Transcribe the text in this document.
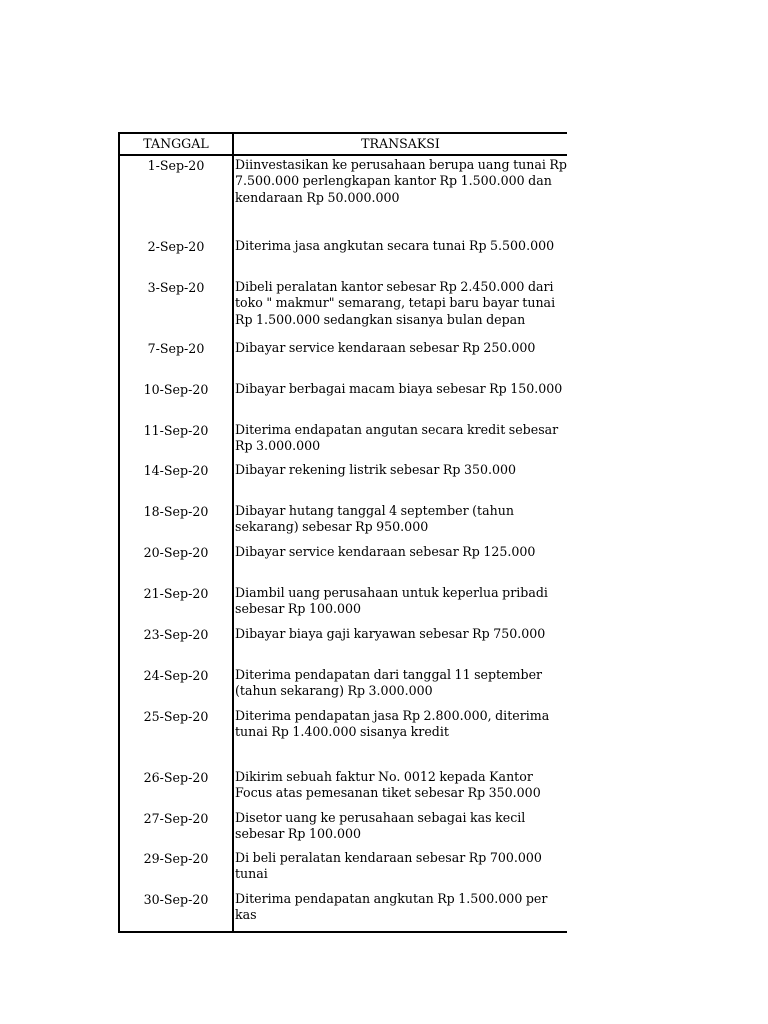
TANGGAL	TRANSAKSI
1-Sep-20	Diinvestasikan ke perusahaan berupa uang tunai Rp 7.500.000 perlengkapan kantor Rp 1.500.000 dan kendaraan Rp 50.000.000
2-Sep-20	Diterima jasa angkutan secara tunai Rp 5.500.000
3-Sep-20	Dibeli peralatan kantor sebesar Rp 2.450.000 dari toko " makmur" semarang, tetapi baru bayar tunai Rp 1.500.000 sedangkan sisanya bulan depan
7-Sep-20	Dibayar service kendaraan sebesar Rp 250.000
10-Sep-20	Dibayar berbagai macam biaya sebesar Rp 150.000
11-Sep-20	Diterima endapatan angutan secara kredit sebesar Rp 3.000.000
14-Sep-20	Dibayar rekening listrik sebesar Rp 350.000
18-Sep-20	Dibayar hutang tanggal 4 september (tahun sekarang) sebesar Rp 950.000
20-Sep-20	Dibayar service kendaraan sebesar Rp 125.000
21-Sep-20	Diambil uang perusahaan untuk keperlua pribadi sebesar Rp 100.000
23-Sep-20	Dibayar biaya gaji karyawan sebesar Rp 750.000
24-Sep-20	Diterima pendapatan dari tanggal 11 september (tahun sekarang) Rp 3.000.000
25-Sep-20	Diterima pendapatan jasa Rp 2.800.000, diterima tunai Rp 1.400.000 sisanya kredit
26-Sep-20	Dikirim sebuah faktur No. 0012 kepada Kantor Focus atas pemesanan tiket sebesar Rp 350.000
27-Sep-20	Disetor uang ke perusahaan sebagai kas kecil sebesar Rp 100.000
29-Sep-20	Di beli peralatan kendaraan sebesar Rp 700.000 tunai
30-Sep-20	Diterima pendapatan angkutan Rp 1.500.000 per kas
